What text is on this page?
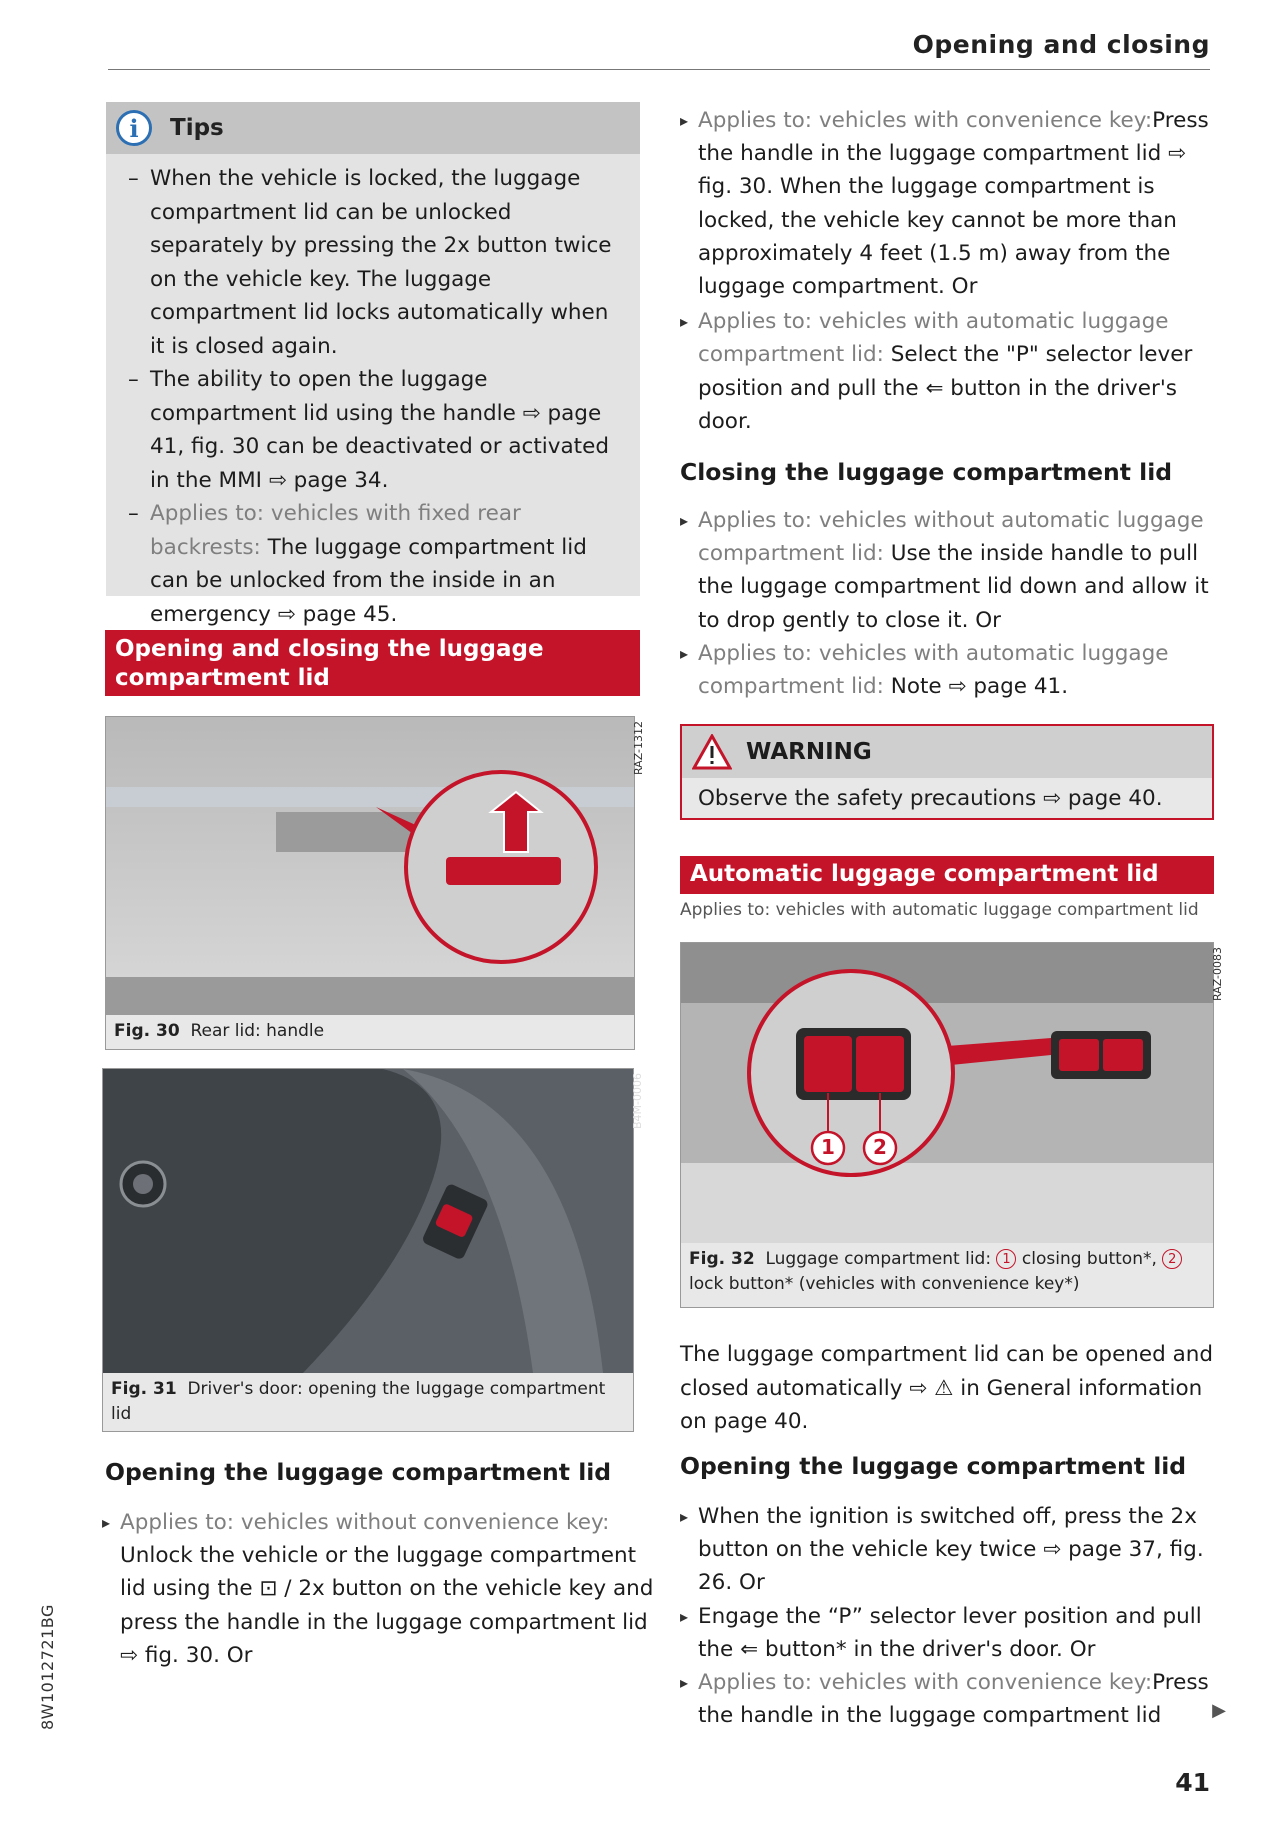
Opening and closing
8W1012721BG
41
i	Tips
– When the vehicle is locked, the luggage compartment lid can be unlocked separately by pressing the 2x button twice on the vehicle key. The luggage compartment lid locks automatically when it is closed again.
– The ability to open the luggage compartment lid using the handle ⇨ page 41, fig. 30 can be deactivated or activated in the MMI ⇨ page 34.
– Applies to: vehicles with fixed rear backrests: The luggage compartment lid can be unlocked from the inside in an emergency ⇨ page 45.
Opening and closing the luggage compartment lid
RAZ-1312
Fig. 30 Rear lid: handle
B4M-0006
Fig. 31 Driver's door: opening the luggage compartment lid
Opening the luggage compartment lid
▸ Applies to: vehicles without convenience key: Unlock the vehicle or the luggage compartment lid using the ⊡ / 2x button on the vehicle key and press the handle in the luggage compartment lid ⇨ fig. 30. Or
▸ Applies to: vehicles with convenience key:Press the handle in the luggage compartment lid ⇨ fig. 30. When the luggage compartment is locked, the vehicle key cannot be more than approximately 4 feet (1.5 m) away from the luggage compartment. Or
▸ Applies to: vehicles with automatic luggage compartment lid: Select the "P" selector lever position and pull the ⇐ button in the driver's door.
Closing the luggage compartment lid
▸ Applies to: vehicles without automatic luggage compartment lid: Use the inside handle to pull the luggage compartment lid down and allow it to drop gently to close it. Or
▸ Applies to: vehicles with automatic luggage compartment lid: Note ⇨ page 41.
WARNING
Observe the safety precautions ⇨ page 40.
Automatic luggage compartment lid
Applies to: vehicles with automatic luggage compartment lid
1 2
RAZ-0083
Fig. 32 Luggage compartment lid: 1 closing button*, 2 lock button* (vehicles with convenience key*)
The luggage compartment lid can be opened and closed automatically ⇨ ⚠ in General information on page 40.
Opening the luggage compartment lid
▸ When the ignition is switched off, press the 2x button on the vehicle key twice ⇨ page 37, fig. 26. Or
▸ Engage the “P” selector lever position and pull the ⇐ button* in the driver's door. Or
▸ Applies to: vehicles with convenience key:Press the handle in the luggage compartment lid	▶
